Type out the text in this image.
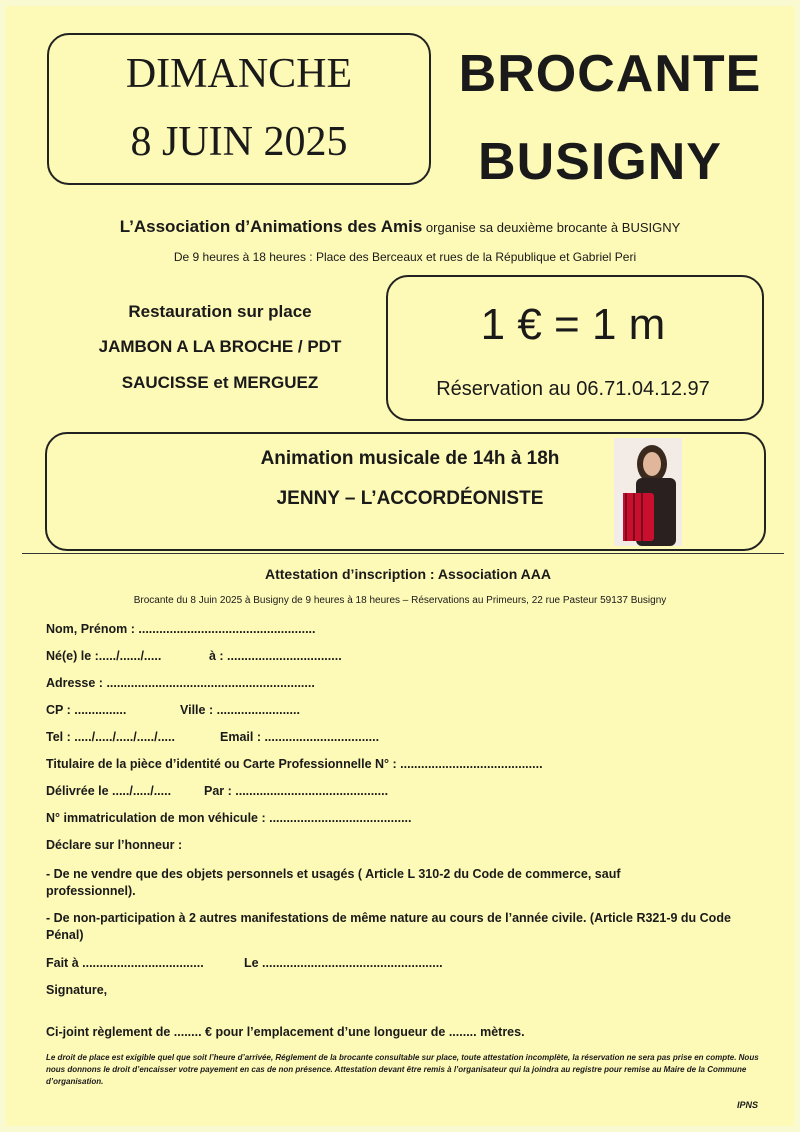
DIMANCHE
8 JUIN 2025
BROCANTE
BUSIGNY
L’Association d’Animations des Amis organise sa deuxième brocante à BUSIGNY
De 9 heures à 18 heures : Place des Berceaux et rues de la République et Gabriel Peri
Restauration sur place
JAMBON A LA BROCHE / PDT
SAUCISSE et MERGUEZ
1 € = 1 m
Réservation au 06.71.04.12.97
Animation musicale de 14h à 18h
JENNY – L’ACCORDÉONISTE
Attestation d’inscription : Association AAA
Brocante du 8 Juin 2025 à Busigny de 9 heures à 18 heures – Réservations au Primeurs, 22 rue Pasteur 59137 Busigny
Nom, Prénom : ...................................................
Né(e) le :...../....../.....	à : .................................
Adresse : ............................................................
CP : ...............	Ville : ........................
Tel : ...../...../...../...../.....	Email : .................................
Titulaire de la pièce d’identité ou Carte Professionnelle N° : .........................................
Délivrée le ...../...../.....	Par : ............................................
N° immatriculation de mon véhicule : .........................................
Déclare sur l’honneur :
- De ne vendre que des objets personnels et usagés ( Article L 310-2 du Code de commerce, sauf professionnel).
- De non-participation à 2 autres manifestations de même nature au cours de l’année civile. (Article R321-9 du Code Pénal)
Fait à ...................................	Le ....................................................
Signature,
Ci-joint règlement de ........ € pour l’emplacement d’une longueur de ........ mètres.
Le droit de place est exigible quel que soit l’heure d’arrivée, Réglement de la brocante consultable sur place, toute attestation incomplète, la réservation ne sera pas prise en compte. Nous nous donnons le droit d’encaisser votre payement en cas de non présence. Attestation devant être remis à l’organisateur qui la joindra au registre pour remise au Maire de la Commune d’organisation.
IPNS
